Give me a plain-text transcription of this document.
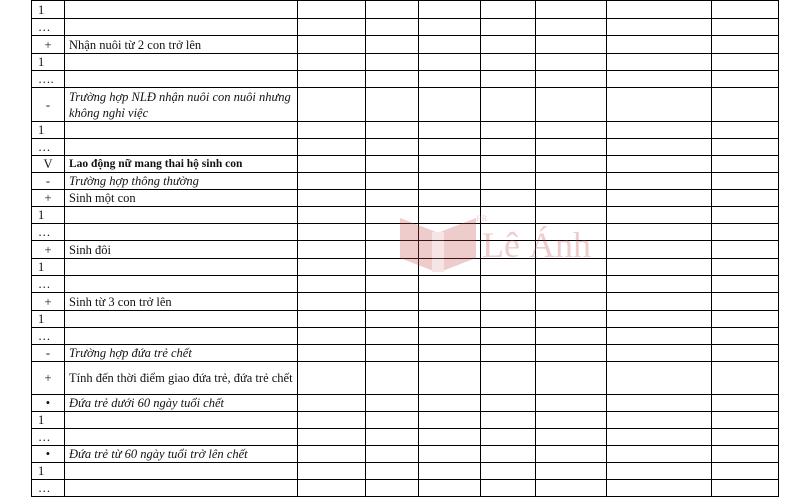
1								
…								
+	Nhận nuôi từ 2 con trở lên							
1								
….								
-	Trường hợp NLĐ nhận nuôi con nuôi nhưng không nghỉ việc							
1								
…								
V	Lao động nữ mang thai hộ sinh con							
-	Trường hợp thông thường							
+	Sinh một con							
1								
…								
+	Sinh đôi							
1								
…								
+	Sinh từ 3 con trở lên							
1								
…								
-	Trường hợp đứa trẻ chết							
+	Tính đến thời điểm giao đứa trẻ, đứa trẻ chết							
•	Đứa trẻ dưới 60 ngày tuổi chết							
1								
…								
•	Đứa trẻ từ 60 ngày tuổi trở lên chết							
1								
…								
HR
Lê Ánh
